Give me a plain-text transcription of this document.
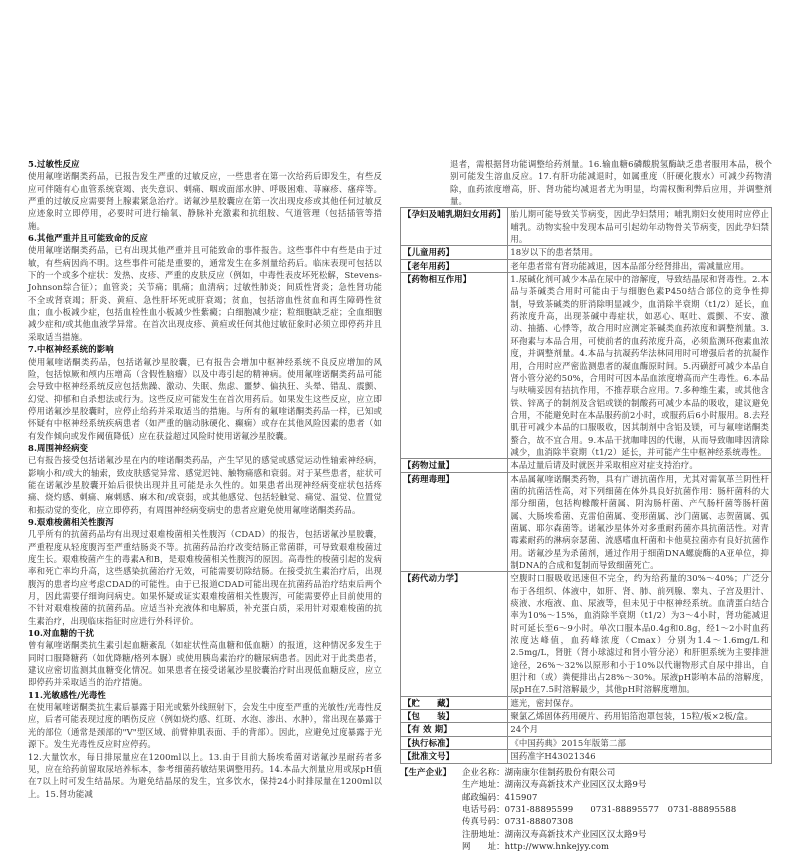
5.过敏性反应

使用氟喹诺酮类药品，已报告发生严重的过敏反应，一些患者在第一次给药后即发生，有些反应可伴随有心血管系统衰竭、丧失意识、刺痛、咽或面部水肿、呼吸困难、荨麻疹、瘙痒等。严重的过敏反应需要肾上腺素紧急治疗。诺氟沙星胶囊应在第一次出现皮疹或其他任何过敏反应迹象时立即停用，必要时可进行输氧、静脉补充激素和抗组胺、气道管理（包括插管等措施。

6.其他严重并且可能致命的反应

使用氟喹诺酮类药品，已有出现其他严重并且可能致命的事件报告。这些事件中有些是由于过敏，有些病因尚不明。这些事件可能是重要的，通常发生在多剂量给药后。临床表现可包括以下的一个或多个症状：发热、皮疹、严重的皮肤反应（例如，中毒性表皮坏死松解，Stevens-Johnson综合征）；血管炎；关节痛；肌痛；血清病；过敏性肺炎；间质性肾炎；急性肾功能不全或肾衰竭；肝炎、黄疸、急性肝坏死或肝衰竭；贫血，包括溶血性贫血和再生障碍性贫血；血小板减少症，包括血栓性血小板减少性紫癜；白细胞减少症；粒细胞缺乏症；全血细胞减少症和/或其他血液学异常。在首次出现皮疹、黄疸或任何其他过敏征象时必须立即停药并且采取适当措施。

7.中枢神经系统的影响

使用氟喹诺酮类药品，包括诺氟沙星胶囊，已有报告会增加中枢神经系统不良反应增加的风险，包括惊厥和颅内压增高（含假性脑瘤）以及中毒引起的精神病。使用氟喹诺酮类药品可能会导致中枢神经系统反应包括焦躁、激动、失眠、焦虑、噩梦、偏执狂、头晕、错乱、震颤、幻觉、抑郁和自杀想法或行为。这些反应可能发生在首次用药后。如果发生这些反应，应立即停用诺氟沙星胶囊时，应停止给药并采取适当的措施。与所有的氟喹诺酮类药品一样，已知或怀疑有中枢神经系统疾病患者（如严重的脑动脉硬化、癫痫）或存在其他风险因素的患者（如有发作倾向或发作阈值降低）应在获益超过风险时使用诺氟沙星胶囊。

8.周围神经病变

已有报告接受包括诺氟沙星在内的喹诺酮类药品，产生罕见的感觉或感觉运动性轴索神经病，影响小和/或大的轴索，致皮肤感觉异常、感觉迟钝、触物痛感和衰弱。对于某些患者，症状可能在诺氟沙星胶囊开始后很快出现并且可能是永久性的。如果患者出现神经病变症状包括疼痛、烧灼感、刺痛、麻刺感、麻木和/或衰弱，或其他感觉、包括轻触觉、痛觉、温觉、位置觉和振动觉的变化，应立即停药，有周围神经病变病史的患者应避免使用氟喹诺酮类药品。

9.艰难梭菌相关性腹泻

几乎所有的抗菌药品均有出现过艰难梭菌相关性腹泻（CDAD）的报告，包括诺氟沙星胶囊，严重程度从轻度腹泻至严重结肠炎不等。抗菌药品治疗改变结肠正常菌群，可导致艰难梭菌过度生长。艰难梭菌产生的毒素A和B，是艰难梭菌相关性腹泻的原因。高毒性的梭菌引起的发病率和死亡率均升高，这些感染抗菌治疗无效，可能需要切除结肠。在接受抗生素治疗后，出现腹泻的患者均应考虑CDAD的可能性。由于已报道CDAD可能出现在抗菌药品治疗结束后两个月，因此需要仔细询问病史。如果怀疑或证实艰难梭菌相关性腹泻，可能需要停止目前使用的不针对艰难梭菌的抗菌药品。应适当补充液体和电解质，补充蛋白质，采用针对艰难梭菌的抗生素治疗，出现临床指征时应进行外科评价。

10.对血糖的干扰

曾有氟喹诺酮类抗生素引起血糖紊乱（如症状性高血糖和低血糖）的报道，这种情况多发生于同时口服降糖药（如优降糖/格列本脲）或使用胰岛素治疗的糖尿病患者。因此对于此类患者，建议应密切监测其血糖变化情况。如果患者在接受诺氟沙星胶囊治疗时出现低血糖反应，应立即停药并采取适当的治疗措施。

11.光敏感性/光毒性

在使用氟喹诺酮类抗生素后暴露于阳光或紫外线照射下，会发生中度至严重的光敏性/光毒性反应，后者可能表现过度的晒伤反应（例如烧灼感、红斑、水泡、渗出、水肿），常出现在暴露于光的部位（通常是颈部的"V"型区域、前臂伸肌表面、手的背部）。因此，应避免过度暴露于光源下。发生光毒性反应时应停药。

12.大量饮水，每日排尿量应在1200ml以上。13.由于目前大肠埃希菌对诺氟沙星耐药者多见，应在给药前留取尿培养标本，参考细菌药敏结果调整用药。14.本品大剂量应用或尿pH值在7以上时可发生结晶尿。为避免结晶尿的发生，宜多饮水，保持24小时排尿量在1200ml以上。15.肾功能减

退者，需根据肾功能调整给药剂量。16.输血糖6磷酸脱氢酶缺乏患者服用本品，极个别可能发生溶血反应。17.有肝功能减退时，如属重度（肝硬化腹水）可减少药物清除，血药浓度增高，肝、肾功能均减退者尤为明显，均需权衡利弊后应用，并调整剂量。

【孕妇及哺乳期妇女用药】	胎儿期可能导致关节病变，因此孕妇禁用；哺乳期妇女使用时应停止哺乳。动物实验中发现本品可引起幼年动物骨关节病变，因此孕妇禁用。
【儿童用药】	18岁以下的患者禁用。
【老年用药】	老年患者常有肾功能减退，因本品部分经肾排出，需减量应用。
【药物相互作用】	1.尿碱化剂可减少本品在尿中的溶解度，导致结晶尿和肾毒性。2.本品与茶碱类合用时可能由于与细胞色素P450结合部位的竞争性抑制，导致茶碱类的肝消除明显减少，血消除半衰期（t1/2）延长，血药浓度升高，出现茶碱中毒症状，如恶心、呕吐、震颤、不安、激动、抽搐、心悸等，故合用时应测定茶碱类血药浓度和调整剂量。3.环孢素与本品合用，可使前者的血药浓度升高，必须监测环孢素血浓度，并调整剂量。4.本品与抗凝药华法林同用时可增强后者的抗凝作用，合用时应严密监测患者的凝血酶原时间。5.丙磺舒可减少本品自肾小管分泌约50%，合用时可因本品血浓度增高而产生毒性。6.本品与呋喃妥因有拮抗作用，不推荐联合应用。7.多种维生素，或其他含铁、锌离子的制剂及含铝或镁的制酸药可减少本品的吸收，建议避免合用，不能避免时在本品服药前2小时，或服药后6小时服用。8.去羟肌苷可减少本品的口服吸收，因其制剂中含铝及镁，可与氟喹诺酮类螯合，故不宜合用。9.本品干扰咖啡因的代谢，从而导致咖啡因清除减少，血消除半衰期（t1/2）延长，并可能产生中枢神经系统毒性。
【药物过量】	本品过量后请及时就医并采取相应对症支持治疗。
【药理毒理】	本品属氟喹诺酮类药物，具有广谱抗菌作用，尤其对需氧革兰阴性杆菌的抗菌活性高，对下列细菌在体外具良好抗菌作用：肠杆菌科的大部分细菌，包括枸橼酸杆菌属、阴沟肠杆菌、产气肠杆菌等肠杆菌属、大肠埃希菌、克雷伯菌属、变形菌属、沙门菌属、志贺菌属、弧菌属、耶尔森菌等。诺氟沙星体外对多重耐药菌亦具抗菌活性。对青霉素耐药的淋病奈瑟菌、流感嗜血杆菌和卡他莫拉菌亦有良好抗菌作用。诺氟沙星为杀菌剂，通过作用于细菌DNA螺旋酶的A亚单位，抑制DNA的合成和复制而导致细菌死亡。
【药代动力学】	空腹时口服吸收迅速但不完全，约为给药量的30%～40%；广泛分布于各组织、体液中，如肝、肾、肺、前列腺、睾丸、子宫及胆汁、痰液、水疱液、血、尿液等，但未见于中枢神经系统。血清蛋白结合率为10%～15%，血消除半衰期（t1/2）为3～4小时，肾功能减退时可延长至6～9小时。单次口服本品0.4g和0.8g，经1～2小时血药浓度达峰值，血药峰浓度（Cmax）分别为1.4～1.6mg/L和2.5mg/L，肾脏（肾小球滤过和肾小管分泌）和肝胆系统为主要排泄途径，26%～32%以原形和小于10%以代谢物形式自尿中排出，自胆汁和（或）粪便排出占28%～30%。尿液pH影响本品的溶解度，尿pH在7.5时溶解最少，其他pH时溶解度增加。
【贮　　藏】	遮光，密封保存。
【包　　装】	聚氯乙烯固体药用硬片、药用铝箔泡罩包装，15粒/板×2板/盒。
【有 效 期】	24个月
【执行标准】	《中国药典》2015年版第二部
【批准文号】	国药准字H43021346
【生产企业】 企业名称：湖南康尔佳制药股份有限公司
生产地址：湖南汉寿高新技术产业园区汉太路9号
邮政编码：415907
电话号码：0731-88895599　　0731-88895577　0731-88895588
传真号码：0731-88807308
注册地址：湖南汉寿高新技术产业园区汉太路9号
网　　址：http://www.hnkejyy.com
